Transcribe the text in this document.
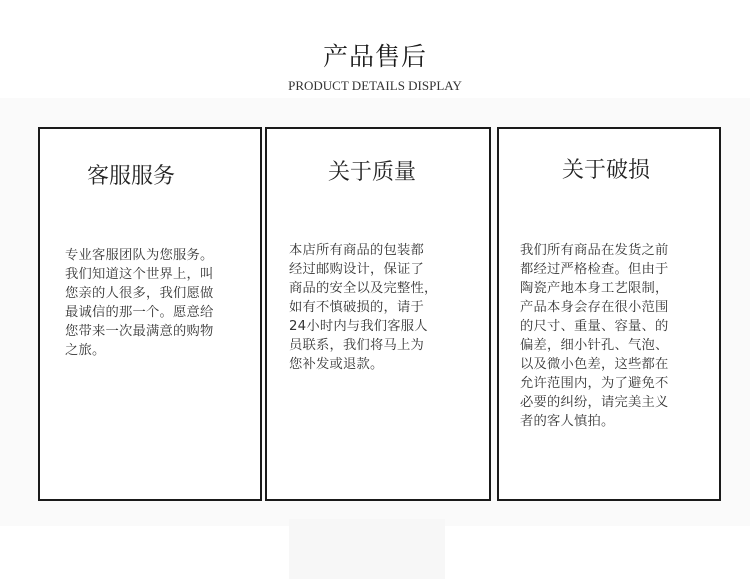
产品售后
PRODUCT DETAILS DISPLAY
客服服务
专业客服团队为您服务。
我们知道这个世界上，叫
您亲的人很多，我们愿做
最诚信的那一个。愿意给
您带来一次最满意的购物
之旅。
关于质量
本店所有商品的包装都
经过邮购设计，保证了
商品的安全以及完整性，
如有不慎破损的，请于
24小时内与我们客服人
员联系，我们将马上为
您补发或退款。
关于破损
我们所有商品在发货之前
都经过严格检查。但由于
陶瓷产地本身工艺限制，
产品本身会存在很小范围
的尺寸、重量、容量、的
偏差，细小针孔、气泡、
以及微小色差，这些都在
允许范围内，为了避免不
必要的纠纷，请完美主义
者的客人慎拍。
